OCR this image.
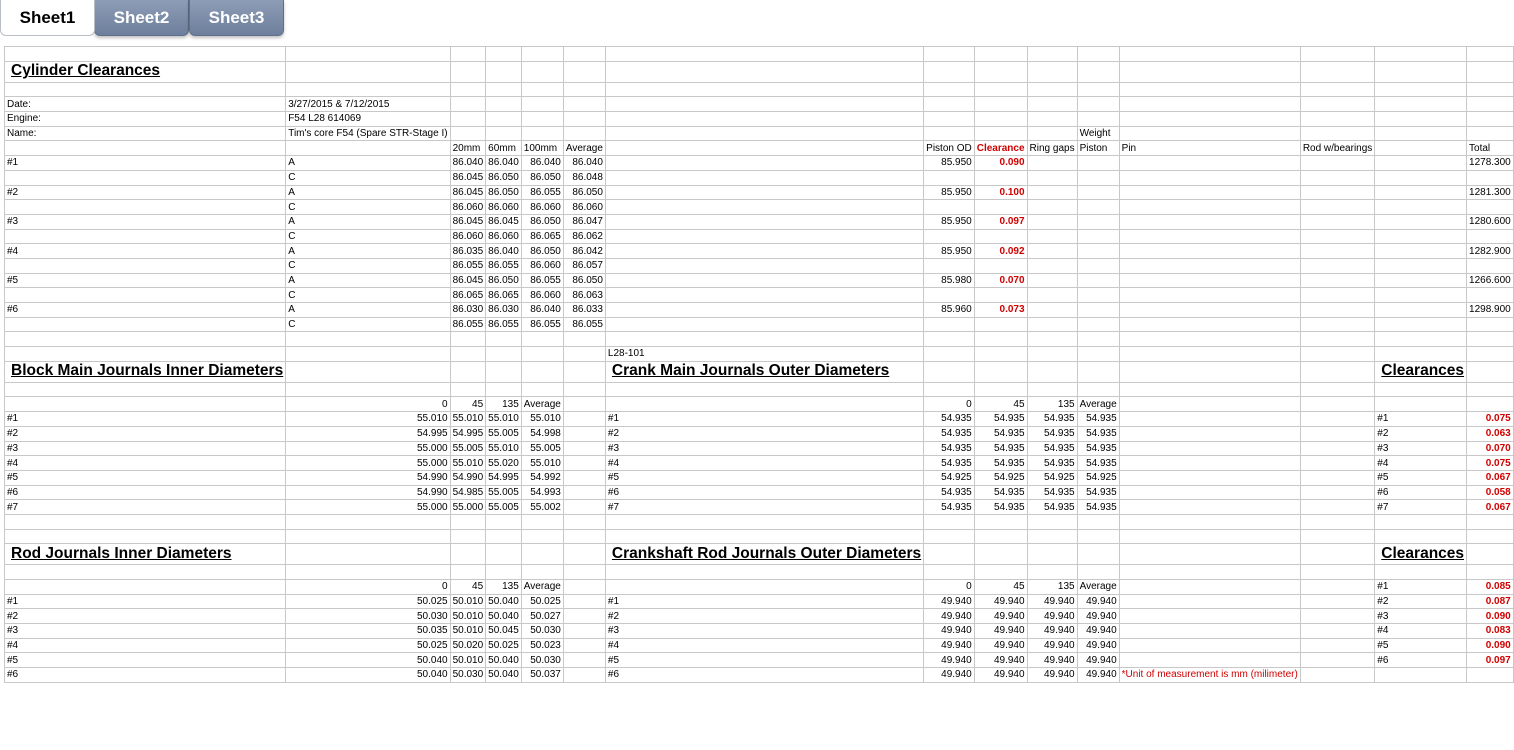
Sheet1	Sheet2	Sheet3

Cylinder Clearances														

Date:	3/27/2015 & 7/12/2015													
Engine:	F54 L28 614069													
Name:	Tim's core F54 (Spare STR-Stage I)									Weight				
		20mm	60mm	100mm	Average		Piston OD	Clearance	Ring gaps	Piston	Pin	Rod w/bearings		Total
#1	A	86.040	86.040	86.040	86.040		85.950	0.090						1278.300
	C	86.045	86.050	86.050	86.048									
#2	A	86.045	86.050	86.055	86.050		85.950	0.100						1281.300
	C	86.060	86.060	86.060	86.060									
#3	A	86.045	86.045	86.050	86.047		85.950	0.097						1280.600
	C	86.060	86.060	86.065	86.062									
#4	A	86.035	86.040	86.050	86.042		85.950	0.092						1282.900
	C	86.055	86.055	86.060	86.057									
#5	A	86.045	86.050	86.055	86.050		85.980	0.070						1266.600
	C	86.065	86.065	86.060	86.063									
#6	A	86.030	86.030	86.040	86.033		85.960	0.073						1298.900
	C	86.055	86.055	86.055	86.055									

						L28-101								
Block Main Journals Inner Diameters						Crank Main Journals Outer Diameters							Clearances	

	0	45	135	Average			0	45	135	Average				
#1	55.010	55.010	55.010	55.010		#1	54.935	54.935	54.935	54.935			#1	0.075
#2	54.995	54.995	55.005	54.998		#2	54.935	54.935	54.935	54.935			#2	0.063
#3	55.000	55.005	55.010	55.005		#3	54.935	54.935	54.935	54.935			#3	0.070
#4	55.000	55.010	55.020	55.010		#4	54.935	54.935	54.935	54.935			#4	0.075
#5	54.990	54.990	54.995	54.992		#5	54.925	54.925	54.925	54.925			#5	0.067
#6	54.990	54.985	55.005	54.993		#6	54.935	54.935	54.935	54.935			#6	0.058
#7	55.000	55.000	55.005	55.002		#7	54.935	54.935	54.935	54.935			#7	0.067

Rod Journals Inner Diameters						Crankshaft Rod Journals Outer Diameters							Clearances	

	0	45	135	Average			0	45	135	Average			#1	0.085
#1	50.025	50.010	50.040	50.025		#1	49.940	49.940	49.940	49.940			#2	0.087
#2	50.030	50.010	50.040	50.027		#2	49.940	49.940	49.940	49.940			#3	0.090
#3	50.035	50.010	50.045	50.030		#3	49.940	49.940	49.940	49.940			#4	0.083
#4	50.025	50.020	50.025	50.023		#4	49.940	49.940	49.940	49.940			#5	0.090
#5	50.040	50.010	50.040	50.030		#5	49.940	49.940	49.940	49.940			#6	0.097
#6	50.040	50.030	50.040	50.037		#6	49.940	49.940	49.940	49.940	*Unit of measurement is mm (milimeter)			
